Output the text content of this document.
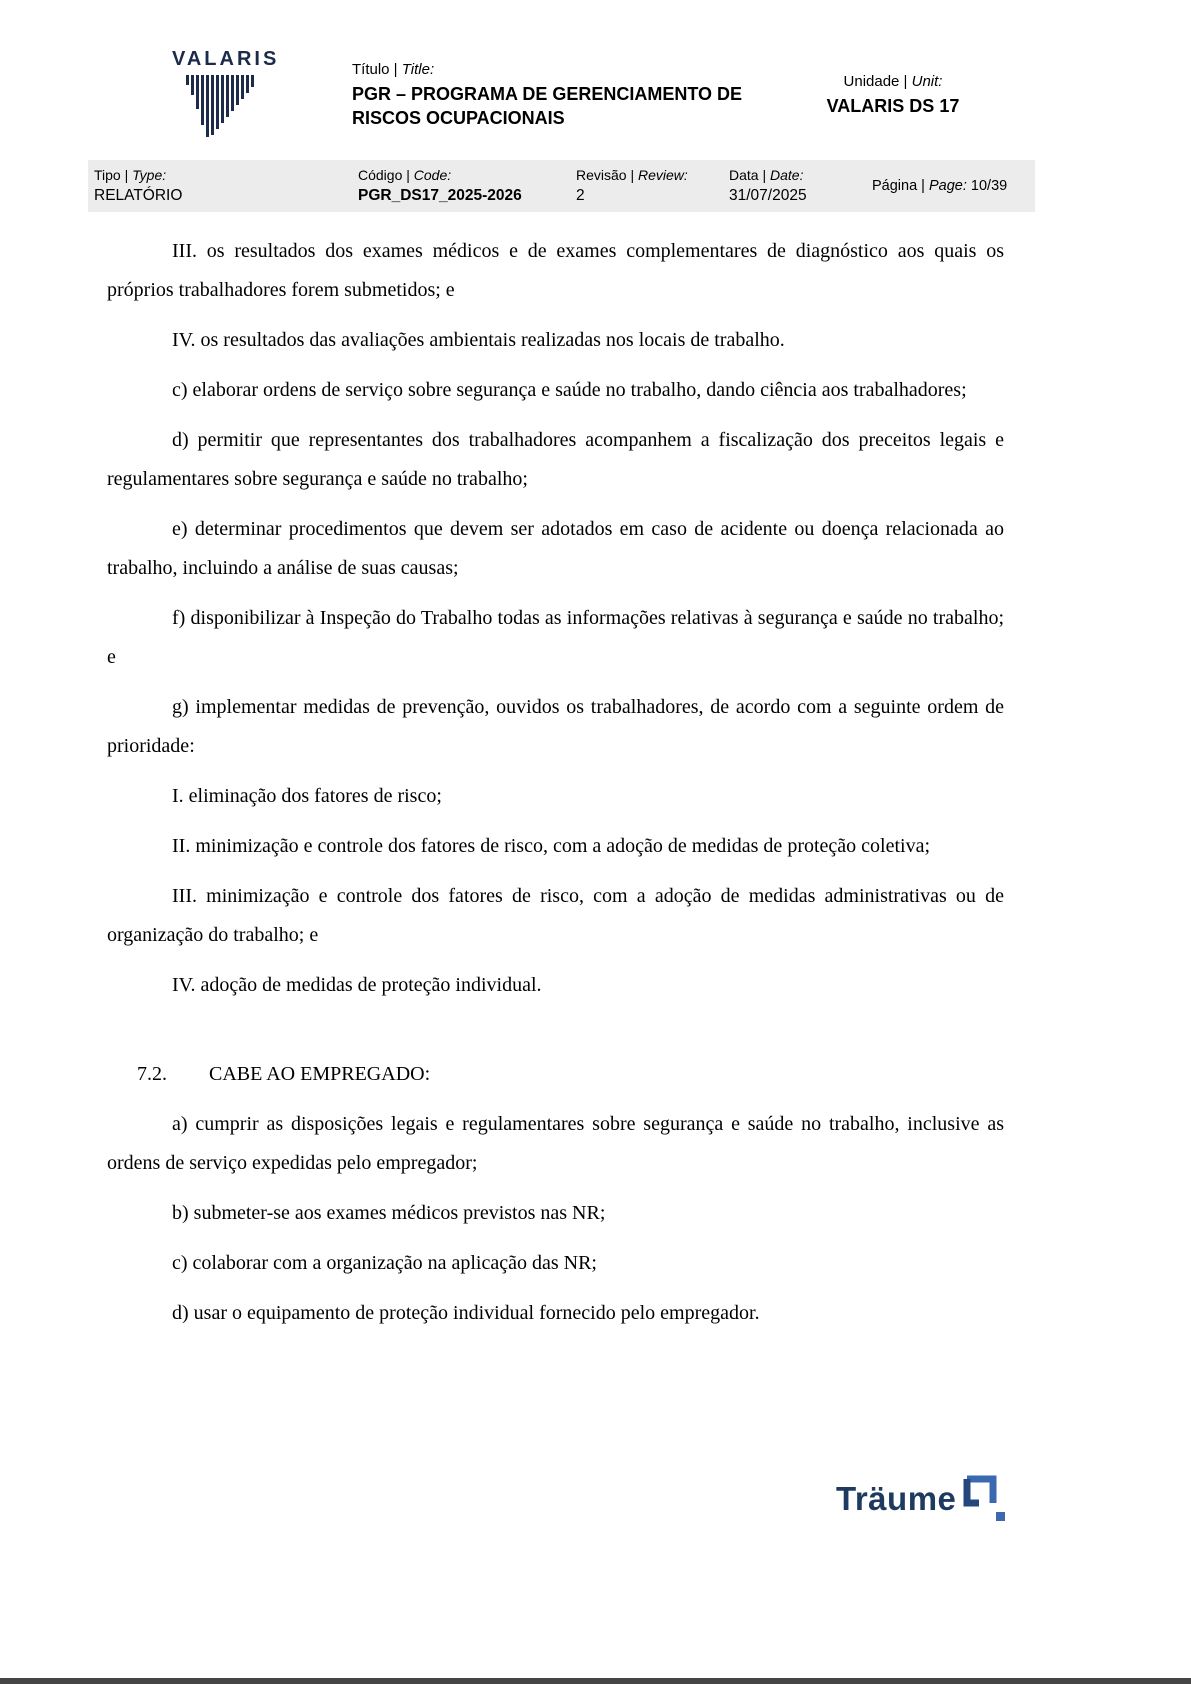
VALARIS	Título | Title:
PGR – PROGRAMA DE GERENCIAMENTO DE
RISCOS OCUPACIONAIS
Unidade | Unit:
VALARIS DS 17
Tipo | Type:
RELATÓRIO
Código | Code:
PGR_DS17_2025-2026
Revisão | Review:
2
Data | Date:
31/07/2025
Página | Page: 10/39

III. os resultados dos exames médicos e de exames complementares de diagnóstico aos quais os próprios trabalhadores forem submetidos; e

IV. os resultados das avaliações ambientais realizadas nos locais de trabalho.

c) elaborar ordens de serviço sobre segurança e saúde no trabalho, dando ciência aos trabalhadores;

d) permitir que representantes dos trabalhadores acompanhem a fiscalização dos preceitos legais e regulamentares sobre segurança e saúde no trabalho;

e) determinar procedimentos que devem ser adotados em caso de acidente ou doença relacionada ao trabalho, incluindo a análise de suas causas;

f) disponibilizar à Inspeção do Trabalho todas as informações relativas à segurança e saúde no trabalho; e

g) implementar medidas de prevenção, ouvidos os trabalhadores, de acordo com a seguinte ordem de prioridade:

I. eliminação dos fatores de risco;

II. minimização e controle dos fatores de risco, com a adoção de medidas de proteção coletiva;

III. minimização e controle dos fatores de risco, com a adoção de medidas administrativas ou de organização do trabalho; e

IV. adoção de medidas de proteção individual.

7.2. CABE AO EMPREGADO:

a) cumprir as disposições legais e regulamentares sobre segurança e saúde no trabalho, inclusive as ordens de serviço expedidas pelo empregador;

b) submeter-se aos exames médicos previstos nas NR;

c) colaborar com a organização na aplicação das NR;

d) usar o equipamento de proteção individual fornecido pelo empregador.

Träume
